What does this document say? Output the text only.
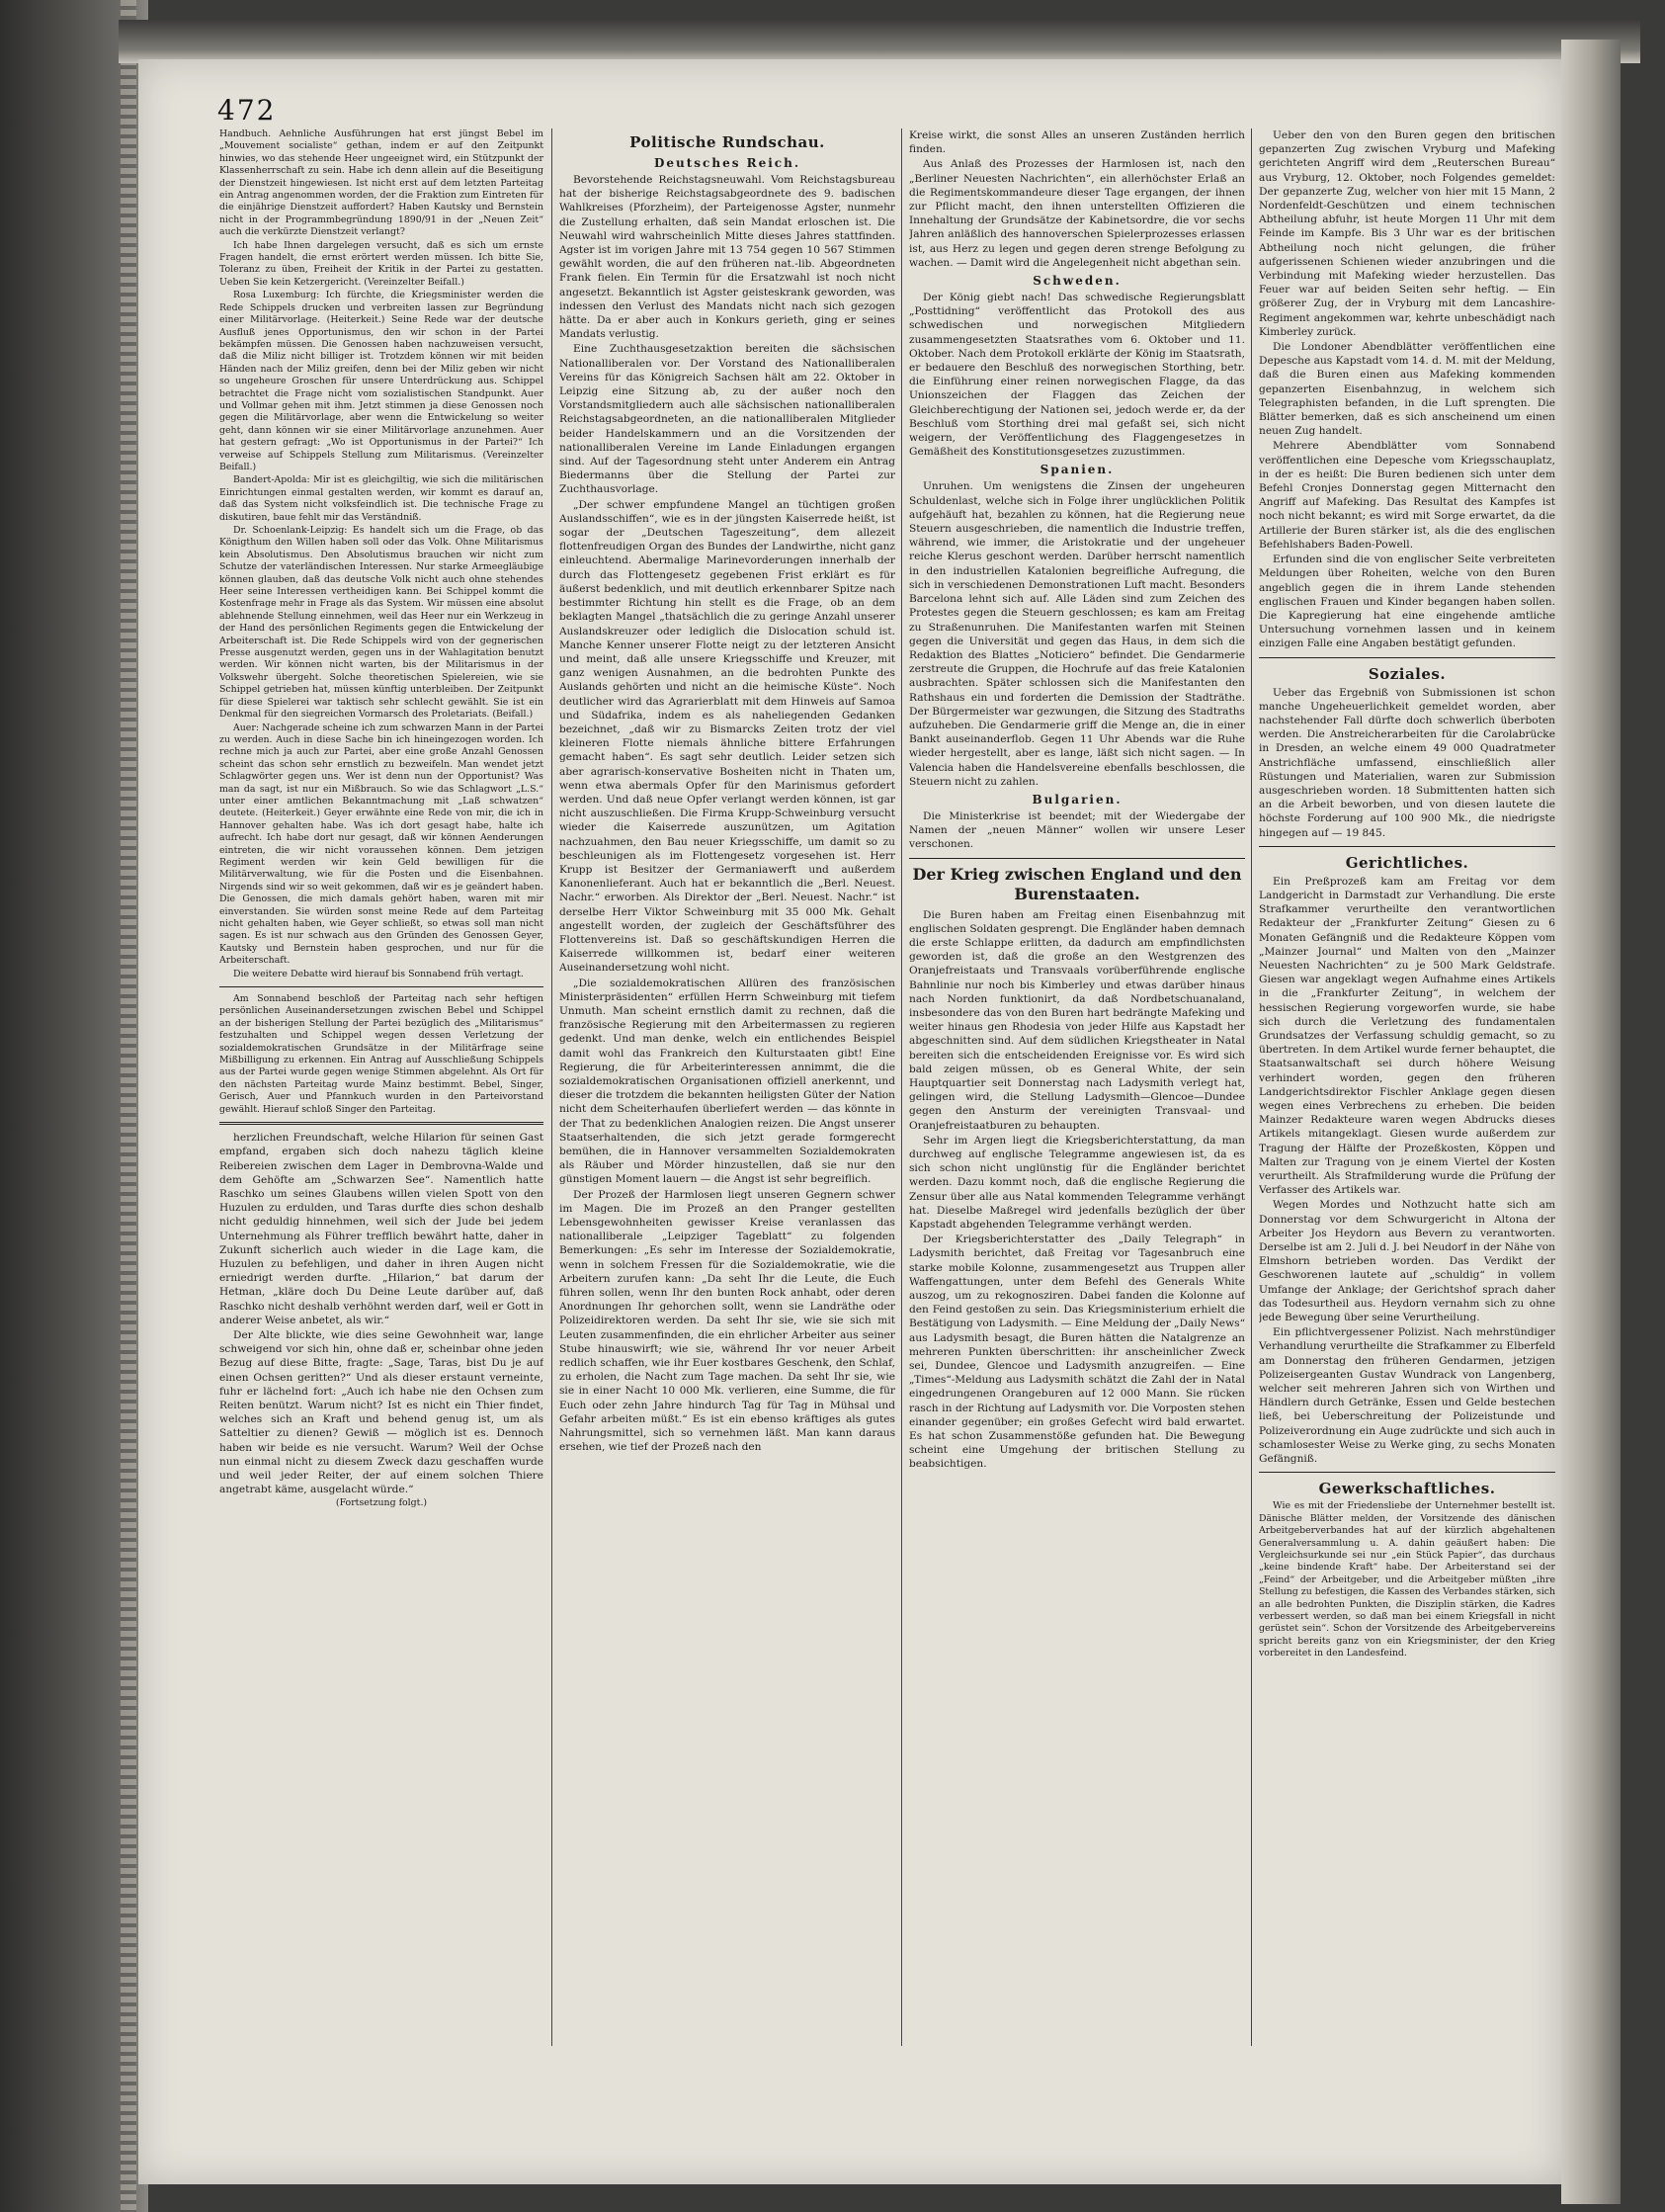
472

Handbuch. Aehnliche Ausführungen hat erst jüngst Bebel im „Mouvement socialiste“ gethan, indem er auf den Zeitpunkt hinwies, wo das stehende Heer ungeeignet wird, ein Stützpunkt der Klassenherrschaft zu sein. Habe ich denn allein auf die Beseitigung der Dienstzeit hingewiesen. Ist nicht erst auf dem letzten Parteitag ein Antrag angenommen worden, der die Fraktion zum Eintreten für die einjährige Dienstzeit auffordert? Haben Kautsky und Bernstein nicht in der Programmbegründung 1890/91 in der „Neuen Zeit“ auch die verkürzte Dienstzeit verlangt?

Ich habe Ihnen dargelegen versucht, daß es sich um ernste Fragen handelt, die ernst erörtert werden müssen. Ich bitte Sie, Toleranz zu üben, Freiheit der Kritik in der Partei zu gestatten. Ueben Sie kein Ketzergericht. (Vereinzelter Beifall.)

Rosa Luxemburg: Ich fürchte, die Kriegsminister werden die Rede Schippels drucken und verbreiten lassen zur Begründung einer Militärvorlage. (Heiterkeit.) Seine Rede war der deutsche Ausfluß jenes Opportunismus, den wir schon in der Partei bekämpfen müssen. Die Genossen haben nachzuweisen versucht, daß die Miliz nicht billiger ist. Trotzdem können wir mit beiden Händen nach der Miliz greifen, denn bei der Miliz geben wir nicht so ungeheure Groschen für unsere Unterdrückung aus. Schippel betrachtet die Frage nicht vom sozialistischen Standpunkt. Auer und Vollmar gehen mit ihm. Jetzt stimmen ja diese Genossen noch gegen die Militärvorlage, aber wenn die Entwickelung so weiter geht, dann können wir sie einer Militärvorlage anzunehmen. Auer hat gestern gefragt: „Wo ist Opportunismus in der Partei?“ Ich verweise auf Schippels Stellung zum Militarismus. (Vereinzelter Beifall.)

Bandert-Apolda: Mir ist es gleichgiltig, wie sich die militärischen Einrichtungen einmal gestalten werden, wir kommt es darauf an, daß das System nicht volksfeindlich ist. Die technische Frage zu diskutiren, baue fehlt mir das Verständniß.

Dr. Schoenlank-Leipzig: Es handelt sich um die Frage, ob das Königthum den Willen haben soll oder das Volk. Ohne Militarismus kein Absolutismus. Den Absolutismus brauchen wir nicht zum Schutze der vaterländischen Interessen. Nur starke Armeegläubige können glauben, daß das deutsche Volk nicht auch ohne stehendes Heer seine Interessen vertheidigen kann. Bei Schippel kommt die Kostenfrage mehr in Frage als das System. Wir müssen eine absolut ablehnende Stellung einnehmen, weil das Heer nur ein Werkzeug in der Hand des persönlichen Regiments gegen die Entwickelung der Arbeiterschaft ist. Die Rede Schippels wird von der gegnerischen Presse ausgenutzt werden, gegen uns in der Wahlagitation benutzt werden. Wir können nicht warten, bis der Militarismus in der Volkswehr übergeht. Solche theoretischen Spielereien, wie sie Schippel getrieben hat, müssen künftig unterbleiben. Der Zeitpunkt für diese Spielerei war taktisch sehr schlecht gewählt. Sie ist ein Denkmal für den siegreichen Vormarsch des Proletariats. (Beifall.)

Auer: Nachgerade scheine ich zum schwarzen Mann in der Partei zu werden. Auch in diese Sache bin ich hineingezogen worden. Ich rechne mich ja auch zur Partei, aber eine große Anzahl Genossen scheint das schon sehr ernstlich zu bezweifeln. Man wendet jetzt Schlagwörter gegen uns. Wer ist denn nun der Opportunist? Was man da sagt, ist nur ein Mißbrauch. So wie das Schlagwort „L.S.“ unter einer amtlichen Bekanntmachung mit „Laß schwatzen“ deutete. (Heiterkeit.) Geyer erwähnte eine Rede von mir, die ich in Hannover gehalten habe. Was ich dort gesagt habe, halte ich aufrecht. Ich habe dort nur gesagt, daß wir können Aenderungen eintreten, die wir nicht voraussehen können. Dem jetzigen Regiment werden wir kein Geld bewilligen für die Militärverwaltung, wie für die Posten und die Eisenbahnen. Nirgends sind wir so weit gekommen, daß wir es je geändert haben. Die Genossen, die mich damals gehört haben, waren mit mir einverstanden. Sie würden sonst meine Rede auf dem Parteitag nicht gehalten haben, wie Geyer schließt, so etwas soll man nicht sagen. Es ist nur schwach aus den Gründen des Genossen Geyer, Kautsky und Bernstein haben gesprochen, und nur für die Arbeiterschaft.

Die weitere Debatte wird hierauf bis Sonnabend früh vertagt.

Am Sonnabend beschloß der Parteitag nach sehr heftigen persönlichen Auseinandersetzungen zwischen Bebel und Schippel an der bisherigen Stellung der Partei bezüglich des „Militarismus“ festzuhalten und Schippel wegen dessen Verletzung der sozialdemokratischen Grundsätze in der Militärfrage seine Mißbilligung zu erkennen. Ein Antrag auf Ausschließung Schippels aus der Partei wurde gegen wenige Stimmen abgelehnt. Als Ort für den nächsten Parteitag wurde Mainz bestimmt. Bebel, Singer, Gerisch, Auer und Pfannkuch wurden in den Parteivorstand gewählt. Hierauf schloß Singer den Parteitag.

herzlichen Freundschaft, welche Hilarion für seinen Gast empfand, ergaben sich doch nahezu täglich kleine Reibereien zwischen dem Lager in Dembrovna-Walde und dem Gehöfte am „Schwarzen See“. Namentlich hatte Raschko um seines Glaubens willen vielen Spott von den Huzulen zu erdulden, und Taras durfte dies schon deshalb nicht geduldig hinnehmen, weil sich der Jude bei jedem Unternehmung als Führer trefflich bewährt hatte, daher in Zukunft sicherlich auch wieder in die Lage kam, die Huzulen zu befehligen, und daher in ihren Augen nicht erniedrigt werden durfte. „Hilarion,“ bat darum der Hetman, „kläre doch Du Deine Leute darüber auf, daß Raschko nicht deshalb verhöhnt werden darf, weil er Gott in anderer Weise anbetet, als wir.“

Der Alte blickte, wie dies seine Gewohnheit war, lange schweigend vor sich hin, ohne daß er, scheinbar ohne jeden Bezug auf diese Bitte, fragte: „Sage, Taras, bist Du je auf einen Ochsen geritten?“ Und als dieser erstaunt verneinte, fuhr er lächelnd fort: „Auch ich habe nie den Ochsen zum Reiten benützt. Warum nicht? Ist es nicht ein Thier findet, welches sich an Kraft und behend genug ist, um als Satteltier zu dienen? Gewiß — möglich ist es. Dennoch haben wir beide es nie versucht. Warum? Weil der Ochse nun einmal nicht zu diesem Zweck dazu geschaffen wurde und weil jeder Reiter, der auf einem solchen Thiere angetrabt käme, ausgelacht würde.“

(Fortsetzung folgt.)

Politische Rundschau.
Deutsches Reich.

Bevorstehende Reichstagsneuwahl. Vom Reichstagsbureau hat der bisherige Reichstagsabgeordnete des 9. badischen Wahlkreises (Pforzheim), der Parteigenosse Agster, nunmehr die Zustellung erhalten, daß sein Mandat erloschen ist. Die Neuwahl wird wahrscheinlich Mitte dieses Jahres stattfinden. Agster ist im vorigen Jahre mit 13 754 gegen 10 567 Stimmen gewählt worden, die auf den früheren nat.-lib. Abgeordneten Frank fielen. Ein Termin für die Ersatzwahl ist noch nicht angesetzt. Bekanntlich ist Agster geisteskrank geworden, was indessen den Verlust des Mandats nicht nach sich gezogen hätte. Da er aber auch in Konkurs gerieth, ging er seines Mandats verlustig.

Eine Zuchthausgesetzaktion bereiten die sächsischen Nationalliberalen vor. Der Vorstand des Nationalliberalen Vereins für das Königreich Sachsen hält am 22. Oktober in Leipzig eine Sitzung ab, zu der außer noch den Vorstandsmitgliedern auch alle sächsischen nationalliberalen Reichstagsabgeordneten, an die nationalliberalen Mitglieder beider Handelskammern und an die Vorsitzenden der nationalliberalen Vereine im Lande Einladungen ergangen sind. Auf der Tagesordnung steht unter Anderem ein Antrag Biedermanns über die Stellung der Partei zur Zuchthausvorlage.

„Der schwer empfundene Mangel an tüchtigen großen Auslandsschiffen“, wie es in der jüngsten Kaiserrede heißt, ist sogar der „Deutschen Tageszeitung“, dem allezeit flottenfreudigen Organ des Bundes der Landwirthe, nicht ganz einleuchtend. Abermalige Marinevorderungen innerhalb der durch das Flottengesetz gegebenen Frist erklärt es für äußerst bedenklich, und mit deutlich erkennbarer Spitze nach bestimmter Richtung hin stellt es die Frage, ob an dem beklagten Mangel „thatsächlich die zu geringe Anzahl unserer Auslandskreuzer oder lediglich die Dislocation schuld ist. Manche Kenner unserer Flotte neigt zu der letzteren Ansicht und meint, daß alle unsere Kriegsschiffe und Kreuzer, mit ganz wenigen Ausnahmen, an die bedrohten Punkte des Auslands gehörten und nicht an die heimische Küste“. Noch deutlicher wird das Agrarierblatt mit dem Hinweis auf Samoa und Südafrika, indem es als naheliegenden Gedanken bezeichnet, „daß wir zu Bismarcks Zeiten trotz der viel kleineren Flotte niemals ähnliche bittere Erfahrungen gemacht haben“. Es sagt sehr deutlich. Leider setzen sich aber agrarisch-konservative Bosheiten nicht in Thaten um, wenn etwa abermals Opfer für den Marinismus gefordert werden. Und daß neue Opfer verlangt werden können, ist gar nicht auszuschließen. Die Firma Krupp-Schweinburg versucht wieder die Kaiserrede auszunützen, um Agitation nachzuahmen, den Bau neuer Kriegsschiffe, um damit so zu beschleunigen als im Flottengesetz vorgesehen ist. Herr Krupp ist Besitzer der Germaniawerft und außerdem Kanonenlieferant. Auch hat er bekanntlich die „Berl. Neuest. Nachr.“ erworben. Als Direktor der „Berl. Neuest. Nachr.“ ist derselbe Herr Viktor Schweinburg mit 35 000 Mk. Gehalt angestellt worden, der zugleich der Geschäftsführer des Flottenvereins ist. Daß so geschäftskundigen Herren die Kaiserrede willkommen ist, bedarf einer weiteren Auseinandersetzung wohl nicht.

„Die sozialdemokratischen Allüren des französischen Ministerpräsidenten“ erfüllen Herrn Schweinburg mit tiefem Unmuth. Man scheint ernstlich damit zu rechnen, daß die französische Regierung mit den Arbeitermassen zu regieren gedenkt. Und man denke, welch ein entlichendes Beispiel damit wohl das Frankreich den Kulturstaaten gibt! Eine Regierung, die für Arbeiterinteressen annimmt, die die sozialdemokratischen Organisationen offiziell anerkennt, und dieser die trotzdem die bekannten heiligsten Güter der Nation nicht dem Scheiterhaufen überliefert werden — das könnte in der That zu bedenklichen Analogien reizen. Die Angst unserer Staatserhaltenden, die sich jetzt gerade formgerecht bemühen, die in Hannover versammelten Sozialdemokraten als Räuber und Mörder hinzustellen, daß sie nur den günstigen Moment lauern — die Angst ist sehr begreiflich.

Der Prozeß der Harmlosen liegt unseren Gegnern schwer im Magen. Die im Prozeß an den Pranger gestellten Lebensgewohnheiten gewisser Kreise veranlassen das nationalliberale „Leipziger Tageblatt“ zu folgenden Bemerkungen: „Es sehr im Interesse der Sozialdemokratie, wenn in solchem Fressen für die Sozialdemokratie, wie die Arbeitern zurufen kann: „Da seht Ihr die Leute, die Euch führen sollen, wenn Ihr den bunten Rock anhabt, oder deren Anordnungen Ihr gehorchen sollt, wenn sie Landräthe oder Polizeidirektoren werden. Da seht Ihr sie, wie sie sich mit Leuten zusammenfinden, die ein ehrlicher Arbeiter aus seiner Stube hinauswirft; wie sie, während Ihr vor neuer Arbeit redlich schaffen, wie ihr Euer kostbares Geschenk, den Schlaf, zu erholen, die Nacht zum Tage machen. Da seht Ihr sie, wie sie in einer Nacht 10 000 Mk. verlieren, eine Summe, die für Euch oder zehn Jahre hindurch Tag für Tag in Mühsal und Gefahr arbeiten müßt.“ Es ist ein ebenso kräftiges als gutes Nahrungsmittel, sich so vernehmen läßt. Man kann daraus ersehen, wie tief der Prozeß nach den

Kreise wirkt, die sonst Alles an unseren Zuständen herrlich finden.

Aus Anlaß des Prozesses der Harmlosen ist, nach den „Berliner Neuesten Nachrichten“, ein allerhöchster Erlaß an die Regimentskommandeure dieser Tage ergangen, der ihnen zur Pflicht macht, den ihnen unterstellten Offizieren die Innehaltung der Grundsätze der Kabinetsordre, die vor sechs Jahren anläßlich des hannoverschen Spielerprozesses erlassen ist, aus Herz zu legen und gegen deren strenge Befolgung zu wachen. — Damit wird die Angelegenheit nicht abgethan sein.

Schweden.

Der König giebt nach! Das schwedische Regierungsblatt „Posttidning“ veröffentlicht das Protokoll des aus schwedischen und norwegischen Mitgliedern zusammengesetzten Staatsrathes vom 6. Oktober und 11. Oktober. Nach dem Protokoll erklärte der König im Staatsrath, er bedauere den Beschluß des norwegischen Storthing, betr. die Einführung einer reinen norwegischen Flagge, da das Unionszeichen der Flaggen das Zeichen der Gleichberechtigung der Nationen sei, jedoch werde er, da der Beschluß vom Storthing drei mal gefaßt sei, sich nicht weigern, der Veröffentlichung des Flaggengesetzes in Gemäßheit des Konstitutionsgesetzes zuzustimmen.

Spanien.

Unruhen. Um wenigstens die Zinsen der ungeheuren Schuldenlast, welche sich in Folge ihrer unglücklichen Politik aufgehäuft hat, bezahlen zu können, hat die Regierung neue Steuern ausgeschrieben, die namentlich die Industrie treffen, während, wie immer, die Aristokratie und der ungeheuer reiche Klerus geschont werden. Darüber herrscht namentlich in den industriellen Katalonien begreifliche Aufregung, die sich in verschiedenen Demonstrationen Luft macht. Besonders Barcelona lehnt sich auf. Alle Läden sind zum Zeichen des Protestes gegen die Steuern geschlossen; es kam am Freitag zu Straßenunruhen. Die Manifestanten warfen mit Steinen gegen die Universität und gegen das Haus, in dem sich die Redaktion des Blattes „Noticiero“ befindet. Die Gendarmerie zerstreute die Gruppen, die Hochrufe auf das freie Katalonien ausbrachten. Später schlossen sich die Manifestanten den Rathshaus ein und forderten die Demission der Stadträthe. Der Bürgermeister war gezwungen, die Sitzung des Stadtraths aufzuheben. Die Gendarmerie griff die Menge an, die in einer Bankt auseinanderflob. Gegen 11 Uhr Abends war die Ruhe wieder hergestellt, aber es lange, läßt sich nicht sagen. — In Valencia haben die Handelsvereine ebenfalls beschlossen, die Steuern nicht zu zahlen.

Bulgarien.

Die Ministerkrise ist beendet; mit der Wiedergabe der Namen der „neuen Männer“ wollen wir unsere Leser verschonen.

Der Krieg zwischen England und den Burenstaaten.

Die Buren haben am Freitag einen Eisenbahnzug mit englischen Soldaten gesprengt. Die Engländer haben demnach die erste Schlappe erlitten, da dadurch am empfindlichsten geworden ist, daß die große an den Westgrenzen des Oranjefreistaats und Transvaals vorüberführende englische Bahnlinie nur noch bis Kimberley und etwas darüber hinaus nach Norden funktionirt, da daß Nordbetschuanaland, insbesondere das von den Buren hart bedrängte Mafeking und weiter hinaus gen Rhodesia von jeder Hilfe aus Kapstadt her abgeschnitten sind. Auf dem südlichen Kriegstheater in Natal bereiten sich die entscheidenden Ereignisse vor. Es wird sich bald zeigen müssen, ob es General White, der sein Hauptquartier seit Donnerstag nach Ladysmith verlegt hat, gelingen wird, die Stellung Ladysmith—Glencoe—Dundee gegen den Ansturm der vereinigten Transvaal- und Oranjefreistaatburen zu behaupten.

Sehr im Argen liegt die Kriegsberichterstattung, da man durchweg auf englische Telegramme angewiesen ist, da es sich schon nicht unglünstig für die Engländer berichtet werden. Dazu kommt noch, daß die englische Regierung die Zensur über alle aus Natal kommenden Telegramme verhängt hat. Dieselbe Maßregel wird jedenfalls bezüglich der über Kapstadt abgehenden Telegramme verhängt werden.

Der Kriegsberichterstatter des „Daily Telegraph“ in Ladysmith berichtet, daß Freitag vor Tagesanbruch eine starke mobile Kolonne, zusammengesetzt aus Truppen aller Waffengattungen, unter dem Befehl des Generals White auszog, um zu rekognosziren. Dabei fanden die Kolonne auf den Feind gestoßen zu sein. Das Kriegsministerium erhielt die Bestätigung von Ladysmith. — Eine Meldung der „Daily News“ aus Ladysmith besagt, die Buren hätten die Natalgrenze an mehreren Punkten überschritten: ihr anscheinlicher Zweck sei, Dundee, Glencoe und Ladysmith anzugreifen. — Eine „Times“-Meldung aus Ladysmith schätzt die Zahl der in Natal eingedrungenen Orangeburen auf 12 000 Mann. Sie rücken rasch in der Richtung auf Ladysmith vor. Die Vorposten stehen einander gegenüber; ein großes Gefecht wird bald erwartet. Es hat schon Zusammenstöße gefunden hat. Die Bewegung scheint eine Umgehung der britischen Stellung zu beabsichtigen.

Ueber den von den Buren gegen den britischen gepanzerten Zug zwischen Vryburg und Mafeking gerichteten Angriff wird dem „Reuterschen Bureau“ aus Vryburg, 12. Oktober, noch Folgendes gemeldet: Der gepanzerte Zug, welcher von hier mit 15 Mann, 2 Nordenfeldt-Geschützen und einem technischen Abtheilung abfuhr, ist heute Morgen 11 Uhr mit dem Feinde im Kampfe. Bis 3 Uhr war es der britischen Abtheilung noch nicht gelungen, die früher aufgerissenen Schienen wieder anzubringen und die Verbindung mit Mafeking wieder herzustellen. Das Feuer war auf beiden Seiten sehr heftig. — Ein größerer Zug, der in Vryburg mit dem Lancashire-Regiment angekommen war, kehrte unbeschädigt nach Kimberley zurück.

Die Londoner Abendblätter veröffentlichen eine Depesche aus Kapstadt vom 14. d. M. mit der Meldung, daß die Buren einen aus Mafeking kommenden gepanzerten Eisenbahnzug, in welchem sich Telegraphisten befanden, in die Luft sprengten. Die Blätter bemerken, daß es sich anscheinend um einen neuen Zug handelt.

Mehrere Abendblätter vom Sonnabend veröffentlichen eine Depesche vom Kriegsschauplatz, in der es heißt: Die Buren bedienen sich unter dem Befehl Cronjes Donnerstag gegen Mitternacht den Angriff auf Mafeking. Das Resultat des Kampfes ist noch nicht bekannt; es wird mit Sorge erwartet, da die Artillerie der Buren stärker ist, als die des englischen Befehlshabers Baden-Powell.

Erfunden sind die von englischer Seite verbreiteten Meldungen über Roheiten, welche von den Buren angeblich gegen die in ihrem Lande stehenden englischen Frauen und Kinder begangen haben sollen. Die Kapregierung hat eine eingehende amtliche Untersuchung vornehmen lassen und in keinem einzigen Falle eine Angaben bestätigt gefunden.

Soziales.

Ueber das Ergebniß von Submissionen ist schon manche Ungeheuerlichkeit gemeldet worden, aber nachstehender Fall dürfte doch schwerlich überboten werden. Die Anstreicherarbeiten für die Carolabrücke in Dresden, an welche einem 49 000 Quadratmeter Anstrichfläche umfassend, einschließlich aller Rüstungen und Materialien, waren zur Submission ausgeschrieben worden. 18 Submittenten hatten sich an die Arbeit beworben, und von diesen lautete die höchste Forderung auf 100 900 Mk., die niedrigste hingegen auf — 19 845.

Gerichtliches.

Ein Preßprozeß kam am Freitag vor dem Landgericht in Darmstadt zur Verhandlung. Die erste Strafkammer verurtheilte den verantwortlichen Redakteur der „Frankfurter Zeitung“ Giesen zu 6 Monaten Gefängniß und die Redakteure Köppen vom „Mainzer Journal“ und Malten von den „Mainzer Neuesten Nachrichten“ zu je 500 Mark Geldstrafe. Giesen war angeklagt wegen Aufnahme eines Artikels in die „Frankfurter Zeitung“, in welchem der hessischen Regierung vorgeworfen wurde, sie habe sich durch die Verletzung des fundamentalen Grundsatzes der Verfassung schuldig gemacht, so zu übertreten. In dem Artikel wurde ferner behauptet, die Staatsanwaltschaft sei durch höhere Weisung verhindert worden, gegen den früheren Landgerichtsdirektor Fischler Anklage gegen diesen wegen eines Verbrechens zu erheben. Die beiden Mainzer Redakteure waren wegen Abdrucks dieses Artikels mitangeklagt. Giesen wurde außerdem zur Tragung der Hälfte der Prozeßkosten, Köppen und Malten zur Tragung von je einem Viertel der Kosten verurtheilt. Als Strafmilderung wurde die Prüfung der Verfasser des Artikels war.

Wegen Mordes und Nothzucht hatte sich am Donnerstag vor dem Schwurgericht in Altona der Arbeiter Jos Heydorn aus Bevern zu verantworten. Derselbe ist am 2. Juli d. J. bei Neudorf in der Nähe von Elmshorn betrieben worden. Das Verdikt der Geschworenen lautete auf „schuldig“ in vollem Umfange der Anklage; der Gerichtshof sprach daher das Todesurtheil aus. Heydorn vernahm sich zu ohne jede Bewegung über seine Verurtheilung.

Ein pflichtvergessener Polizist. Nach mehrstündiger Verhandlung verurtheilte die Strafkammer zu Elberfeld am Donnerstag den früheren Gendarmen, jetzigen Polizeisergeanten Gustav Wundrack von Langenberg, welcher seit mehreren Jahren sich von Wirthen und Händlern durch Getränke, Essen und Gelde bestechen ließ, bei Ueberschreitung der Polizeistunde und Polizeiverordnung ein Auge zudrückte und sich auch in schamlosester Weise zu Werke ging, zu sechs Monaten Gefängniß.

Gewerkschaftliches.

Wie es mit der Friedensliebe der Unternehmer bestellt ist. Dänische Blätter melden, der Vorsitzende des dänischen Arbeitgeberverbandes hat auf der kürzlich abgehaltenen Generalversammlung u. A. dahin geäußert haben: Die Vergleichsurkunde sei nur „ein Stück Papier“, das durchaus „keine bindende Kraft“ habe. Der Arbeiterstand sei der „Feind“ der Arbeitgeber, und die Arbeitgeber müßten „ihre Stellung zu befestigen, die Kassen des Verbandes stärken, sich an alle bedrohten Punkten, die Disziplin stärken, die Kadres verbessert werden, so daß man bei einem Kriegsfall in nicht gerüstet sein“. Schon der Vorsitzende des Arbeitgebervereins spricht bereits ganz von ein Kriegsminister, der den Krieg vorbereitet in den Landesfeind.
